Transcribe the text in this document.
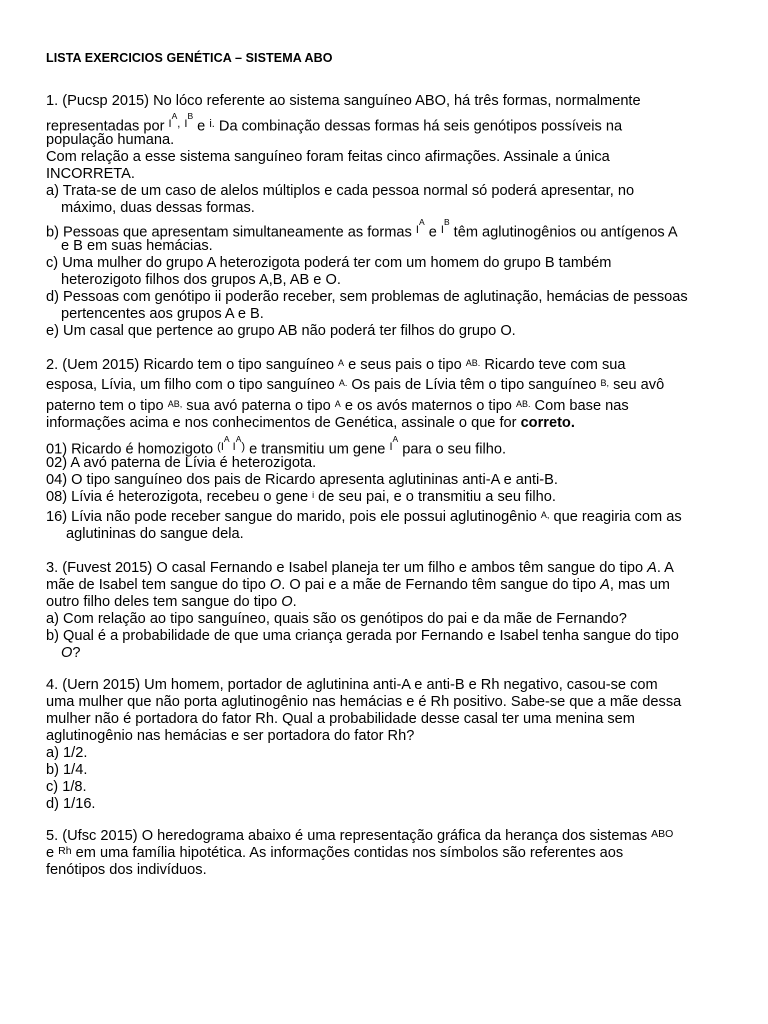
LISTA EXERCICIOS GENÉTICA – SISTEMA ABO
1. (Pucsp 2015) No lóco referente ao sistema sanguíneo ABO, há três formas, normalmente
representadas por $^{I^A,}$ $^{I^B}$ e $^{i.}$ Da combinação dessas formas há seis genótipos possíveis na
população humana.
Com relação a esse sistema sanguíneo foram feitas cinco afirmações. Assinale a única
INCORRETA.
a) Trata-se de um caso de alelos múltiplos e cada pessoa normal só poderá apresentar, no
máximo, duas dessas formas.
b) Pessoas que apresentam simultaneamente as formas $^{I^A}$ e $^{I^B}$ têm aglutinogênios ou antígenos A
e B em suas hemácias.
c) Uma mulher do grupo A heterozigota poderá ter com um homem do grupo B também
heterozigoto filhos dos grupos A,B, AB e O.
d) Pessoas com genótipo ii poderão receber, sem problemas de aglutinação, hemácias de pessoas
pertencentes aos grupos A e B.
e) Um casal que pertence ao grupo AB não poderá ter filhos do grupo O.
2. (Uem 2015) Ricardo tem o tipo sanguíneo $^A$ e seus pais o tipo $^{AB.}$ Ricardo teve com sua
esposa, Lívia, um filho com o tipo sanguíneo $^{A.}$ Os pais de Lívia têm o tipo sanguíneo $^{B,}$ seu avô
paterno tem o tipo $^{AB,}$ sua avó paterna o tipo $^A$ e os avós maternos o tipo $^{AB.}$ Com base nas
informações acima e nos conhecimentos de Genética, assinale o que for correto.
01) Ricardo é homozigoto $^{(I^A I^A)}$ e transmitiu um gene $^{I^A}$ para o seu filho.
02) A avó paterna de Lívia é heterozigota.
04) O tipo sanguíneo dos pais de Ricardo apresenta aglutininas anti-A e anti-B.
08) Lívia é heterozigota, recebeu o gene $^i$ de seu pai, e o transmitiu a seu filho.
16) Lívia não pode receber sangue do marido, pois ele possui aglutinogênio $^{A,}$ que reagiria com as
aglutininas do sangue dela.
3. (Fuvest 2015) O casal Fernando e Isabel planeja ter um filho e ambos têm sangue do tipo A. A
mãe de Isabel tem sangue do tipo O. O pai e a mãe de Fernando têm sangue do tipo A, mas um
outro filho deles tem sangue do tipo O.
a) Com relação ao tipo sanguíneo, quais são os genótipos do pai e da mãe de Fernando?
b) Qual é a probabilidade de que uma criança gerada por Fernando e Isabel tenha sangue do tipo
O?
4. (Uern 2015) Um homem, portador de aglutinina anti-A e anti-B e Rh negativo, casou-se com
uma mulher que não porta aglutinogênio nas hemácias e é Rh positivo. Sabe-se que a mãe dessa
mulher não é portadora do fator Rh. Qual a probabilidade desse casal ter uma menina sem
aglutinogênio nas hemácias e ser portadora do fator Rh?
a) 1/2.
b) 1/4.
c) 1/8.
d) 1/16.
5. (Ufsc 2015) O heredograma abaixo é uma representação gráfica da herança dos sistemas $^{ABO}$
e $^{Rh}$ em uma família hipotética. As informações contidas nos símbolos são referentes aos
fenótipos dos indivíduos.
